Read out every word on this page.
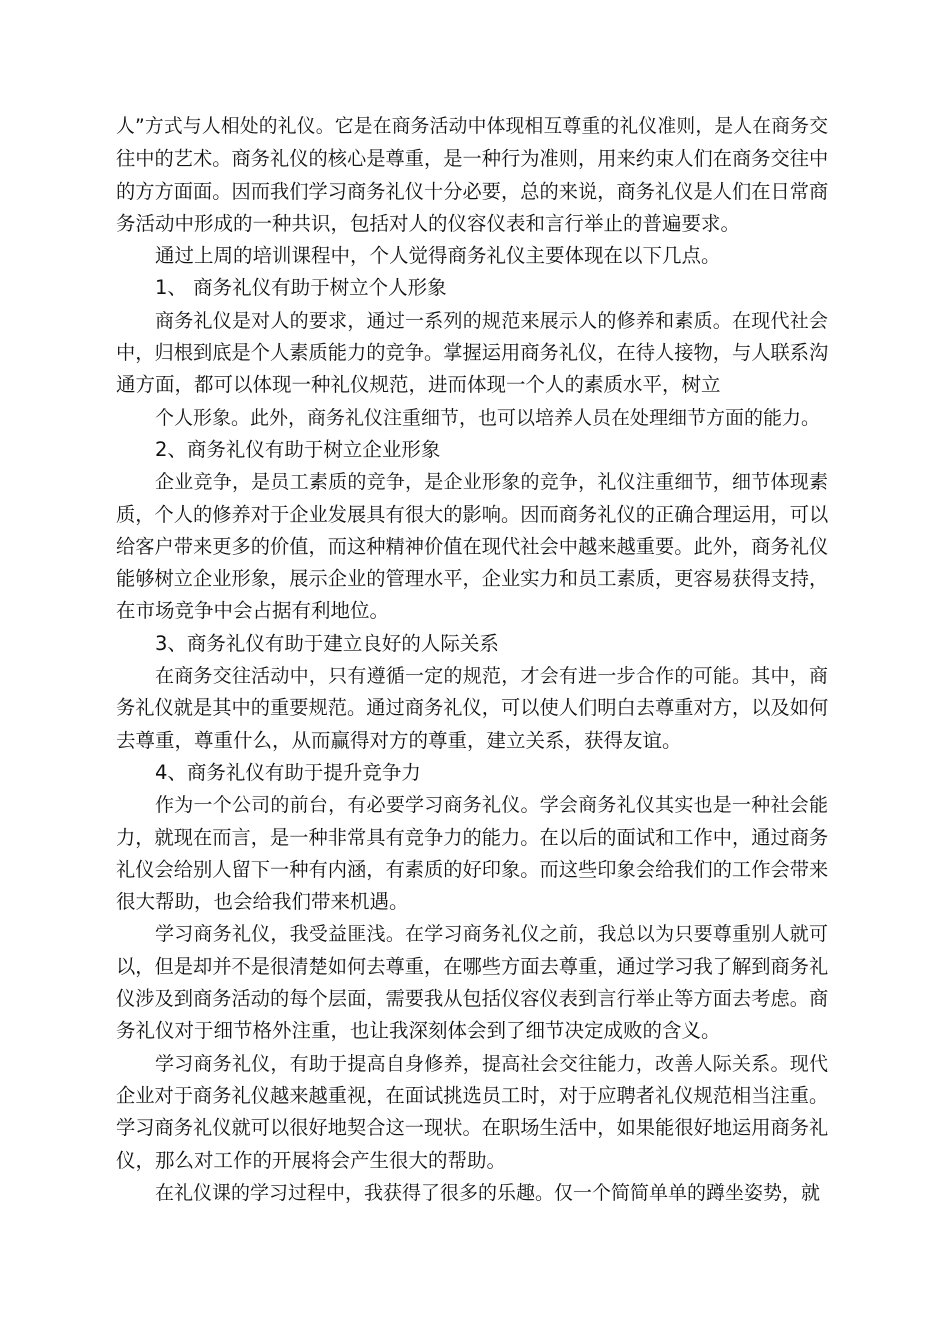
人”方式与人相处的礼仪。它是在商务活动中体现相互尊重的礼仪准则，是人在商务交
往中的艺术。商务礼仪的核心是尊重，是一种行为准则，用来约束人们在商务交往中
的方方面面。因而我们学习商务礼仪十分必要，总的来说，商务礼仪是人们在日常商
务活动中形成的一种共识，包括对人的仪容仪表和言行举止的普遍要求。
通过上周的培训课程中，个人觉得商务礼仪主要体现在以下几点。
1、 商务礼仪有助于树立个人形象
商务礼仪是对人的要求，通过一系列的规范来展示人的修养和素质。在现代社会
中，归根到底是个人素质能力的竞争。掌握运用商务礼仪，在待人接物，与人联系沟
通方面，都可以体现一种礼仪规范，进而体现一个人的素质水平，树立
个人形象。此外，商务礼仪注重细节，也可以培养人员在处理细节方面的能力。
2、商务礼仪有助于树立企业形象
企业竞争，是员工素质的竞争，是企业形象的竞争，礼仪注重细节，细节体现素
质，个人的修养对于企业发展具有很大的影响。因而商务礼仪的正确合理运用，可以
给客户带来更多的价值，而这种精神价值在现代社会中越来越重要。此外，商务礼仪
能够树立企业形象，展示企业的管理水平，企业实力和员工素质，更容易获得支持，
在市场竞争中会占据有利地位。
3、商务礼仪有助于建立良好的人际关系
在商务交往活动中，只有遵循一定的规范，才会有进一步合作的可能。其中，商
务礼仪就是其中的重要规范。通过商务礼仪，可以使人们明白去尊重对方，以及如何
去尊重，尊重什么，从而赢得对方的尊重，建立关系，获得友谊。
4、商务礼仪有助于提升竞争力
作为一个公司的前台，有必要学习商务礼仪。学会商务礼仪其实也是一种社会能
力，就现在而言，是一种非常具有竞争力的能力。在以后的面试和工作中，通过商务
礼仪会给别人留下一种有内涵，有素质的好印象。而这些印象会给我们的工作会带来
很大帮助，也会给我们带来机遇。
学习商务礼仪，我受益匪浅。在学习商务礼仪之前，我总以为只要尊重别人就可
以，但是却并不是很清楚如何去尊重，在哪些方面去尊重，通过学习我了解到商务礼
仪涉及到商务活动的每个层面，需要我从包括仪容仪表到言行举止等方面去考虑。商
务礼仪对于细节格外注重，也让我深刻体会到了细节决定成败的含义。
学习商务礼仪，有助于提高自身修养，提高社会交往能力，改善人际关系。现代
企业对于商务礼仪越来越重视，在面试挑选员工时，对于应聘者礼仪规范相当注重。
学习商务礼仪就可以很好地契合这一现状。在职场生活中，如果能很好地运用商务礼
仪，那么对工作的开展将会产生很大的帮助。
在礼仪课的学习过程中，我获得了很多的乐趣。仅一个简简单单的蹲坐姿势，就
